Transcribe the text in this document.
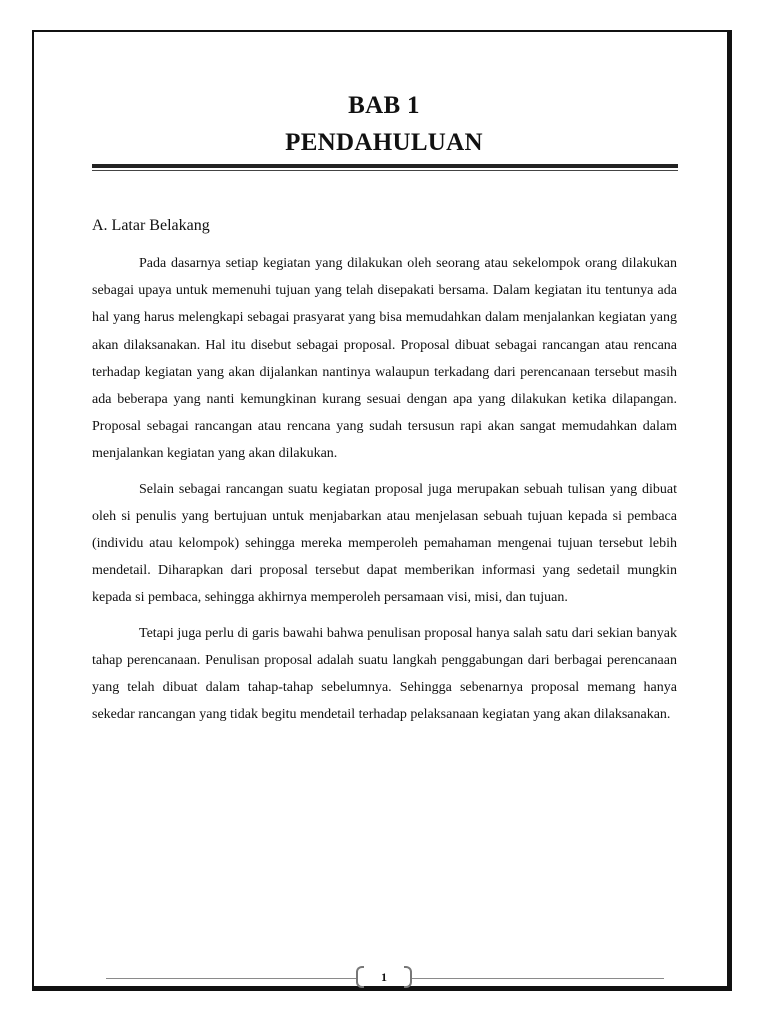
BAB 1
PENDAHULUAN
A. Latar Belakang

Pada dasarnya setiap kegiatan yang dilakukan oleh seorang atau sekelompok orang dilakukan sebagai upaya untuk memenuhi tujuan yang telah disepakati bersama. Dalam kegiatan itu tentunya ada hal yang harus melengkapi sebagai prasyarat yang bisa memudahkan dalam menjalankan kegiatan yang akan dilaksanakan. Hal itu disebut sebagai proposal. Proposal dibuat sebagai rancangan atau rencana terhadap kegiatan yang akan dijalankan nantinya walaupun terkadang dari perencanaan tersebut masih ada beberapa yang nanti kemungkinan kurang sesuai dengan apa yang dilakukan ketika dilapangan. Proposal sebagai rancangan atau rencana yang sudah tersusun rapi akan sangat memudahkan dalam menjalankan kegiatan yang akan dilakukan.

Selain sebagai rancangan suatu kegiatan proposal juga merupakan sebuah tulisan yang dibuat oleh si penulis yang bertujuan untuk menjabarkan atau menjelasan sebuah tujuan kepada si pembaca (individu atau kelompok) sehingga mereka memperoleh pemahaman mengenai tujuan tersebut lebih mendetail. Diharapkan dari proposal tersebut dapat memberikan informasi yang sedetail mungkin kepada si pembaca, sehingga akhirnya memperoleh persamaan visi, misi, dan tujuan.

Tetapi juga perlu di garis bawahi bahwa penulisan proposal hanya salah satu dari sekian banyak tahap perencanaan. Penulisan proposal adalah suatu langkah penggabungan dari berbagai perencanaan yang telah dibuat dalam tahap-tahap sebelumnya. Sehingga sebenarnya proposal memang hanya sekedar rancangan yang tidak begitu mendetail terhadap pelaksanaan kegiatan yang akan dilaksanakan.

1
